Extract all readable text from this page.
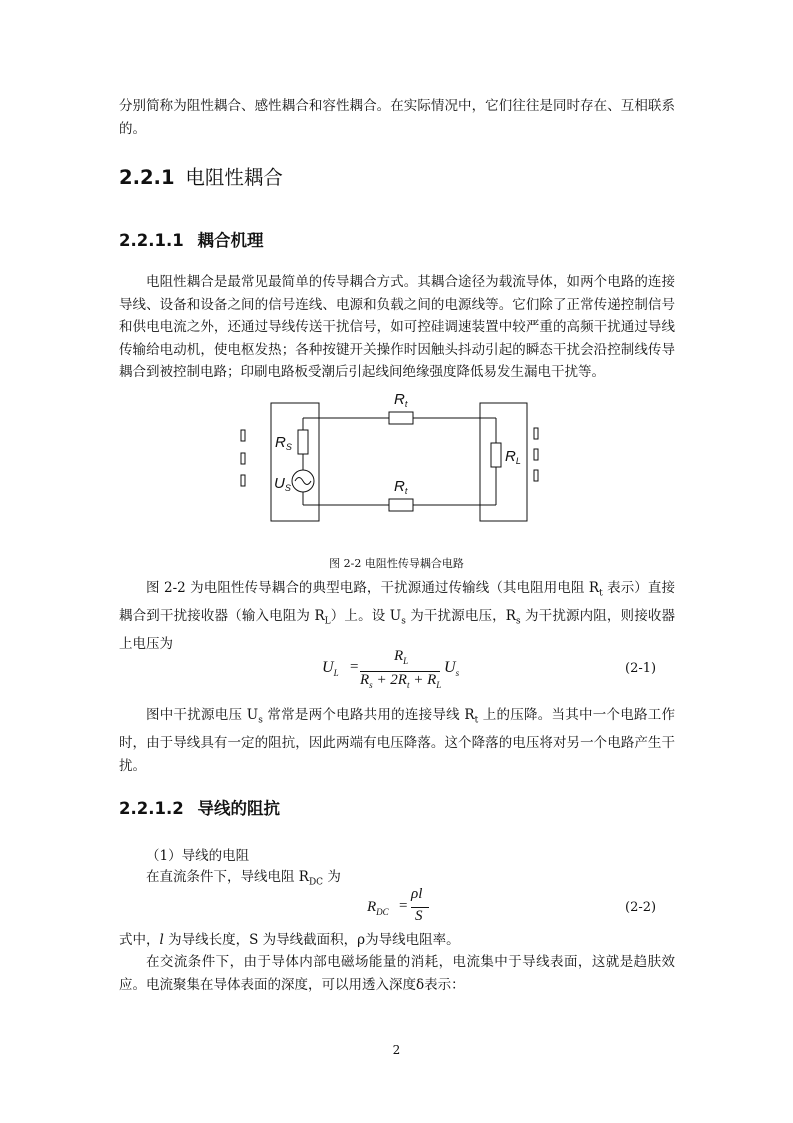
分别简称为阻性耦合、感性耦合和容性耦合。在实际情况中，它们往往是同时存在、互相联系的。
2.2.1 电阻性耦合
2.2.1.1 耦合机理
电阻性耦合是最常见最简单的传导耦合方式。其耦合途径为载流导体，如两个电路的连接导线、设备和设备之间的信号连线、电源和负载之间的电源线等。它们除了正常传递控制信号和供电电流之外，还通过导线传送干扰信号，如可控硅调速装置中较严重的高频干扰通过导线传输给电动机，使电枢发热；各种按键开关操作时因触头抖动引起的瞬态干扰会沿控制线传导耦合到被控制电路；印刷电路板受潮后引起线间绝缘强度降低易发生漏电干扰等。
$R_t$
$R_t$
$R_S$
$U_S$
$R_L$
图 2-2 电阻性传导耦合电路
图 2-2 为电阻性传导耦合的典型电路，干扰源通过传输线（其电阻用电阻 $R_t$ 表示）直接耦合到干扰接收器（输入电阻为 $R_L$）上。设 $U_s$ 为干扰源电压，$R_s$ 为干扰源内阻，则接收器上电压为
$U_L$ =
$R_L$
$R_s + 2R_t + R_L$
$U_s$	(2-1)
图中干扰源电压 $U_s$ 常常是两个电路共用的连接导线 $R_t$ 上的压降。当其中一个电路工作时，由于导线具有一定的阻抗，因此两端有电压降落。这个降落的电压将对另一个电路产生干扰。
2.2.1.2 导线的阻抗
（1）导线的电阻
在直流条件下，导线电阻 $R_{DC}$ 为
$R_{DC}$ =
ρl
S
(2-2)
式中，l 为导线长度，S 为导线截面积，ρ为导线电阻率。
在交流条件下，由于导体内部电磁场能量的消耗，电流集中于导线表面，这就是趋肤效应。电流聚集在导体表面的深度，可以用透入深度δ表示：
2
